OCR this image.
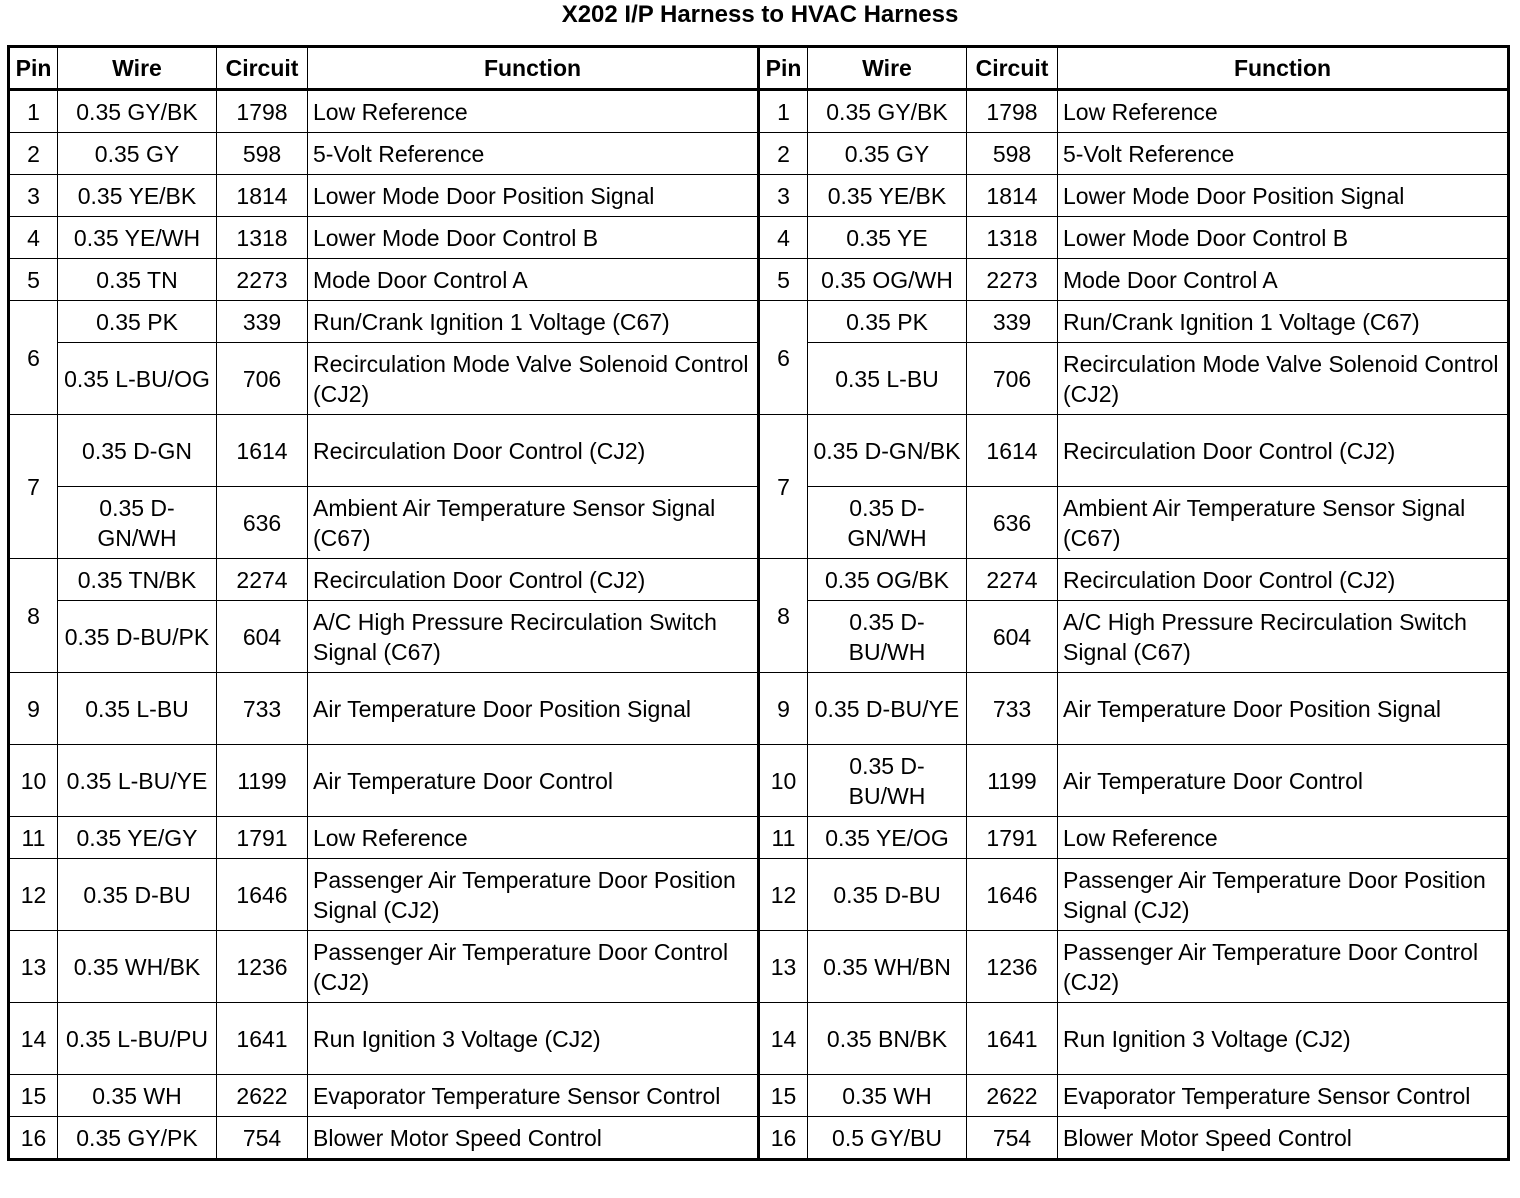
X202 I/P Harness to HVAC Harness
Pin	Wire	Circuit	Function	Pin	Wire	Circuit	Function
1	0.35 GY/BK	1798	Low Reference	1	0.35 GY/BK	1798	Low Reference
2	0.35 GY	598	5-Volt Reference	2	0.35 GY	598	5-Volt Reference
3	0.35 YE/BK	1814	Lower Mode Door Position Signal	3	0.35 YE/BK	1814	Lower Mode Door Position Signal
4	0.35 YE/WH	1318	Lower Mode Door Control B	4	0.35 YE	1318	Lower Mode Door Control B
5	0.35 TN	2273	Mode Door Control A	5	0.35 OG/WH	2273	Mode Door Control A
6	0.35 PK	339	Run/Crank Ignition 1 Voltage (C67)	6	0.35 PK	339	Run/Crank Ignition 1 Voltage (C67)
	0.35 L-BU/OG	706	Recirculation Mode Valve Solenoid Control (CJ2)		0.35 L-BU	706	Recirculation Mode Valve Solenoid Control (CJ2)
7	0.35 D-GN	1614	Recirculation Door Control (CJ2)	7	0.35 D-GN/BK	1614	Recirculation Door Control (CJ2)
	0.35 D-GN/WH	636	Ambient Air Temperature Sensor Signal (C67)		0.35 D-GN/WH	636	Ambient Air Temperature Sensor Signal (C67)
8	0.35 TN/BK	2274	Recirculation Door Control (CJ2)	8	0.35 OG/BK	2274	Recirculation Door Control (CJ2)
	0.35 D-BU/PK	604	A/C High Pressure Recirculation Switch Signal (C67)		0.35 D-BU/WH	604	A/C High Pressure Recirculation Switch Signal (C67)
9	0.35 L-BU	733	Air Temperature Door Position Signal	9	0.35 D-BU/YE	733	Air Temperature Door Position Signal
10	0.35 L-BU/YE	1199	Air Temperature Door Control	10	0.35 D-BU/WH	1199	Air Temperature Door Control
11	0.35 YE/GY	1791	Low Reference	11	0.35 YE/OG	1791	Low Reference
12	0.35 D-BU	1646	Passenger Air Temperature Door Position Signal (CJ2)	12	0.35 D-BU	1646	Passenger Air Temperature Door Position Signal (CJ2)
13	0.35 WH/BK	1236	Passenger Air Temperature Door Control (CJ2)	13	0.35 WH/BN	1236	Passenger Air Temperature Door Control (CJ2)
14	0.35 L-BU/PU	1641	Run Ignition 3 Voltage (CJ2)	14	0.35 BN/BK	1641	Run Ignition 3 Voltage (CJ2)
15	0.35 WH	2622	Evaporator Temperature Sensor Control	15	0.35 WH	2622	Evaporator Temperature Sensor Control
16	0.35 GY/PK	754	Blower Motor Speed Control	16	0.5 GY/BU	754	Blower Motor Speed Control
